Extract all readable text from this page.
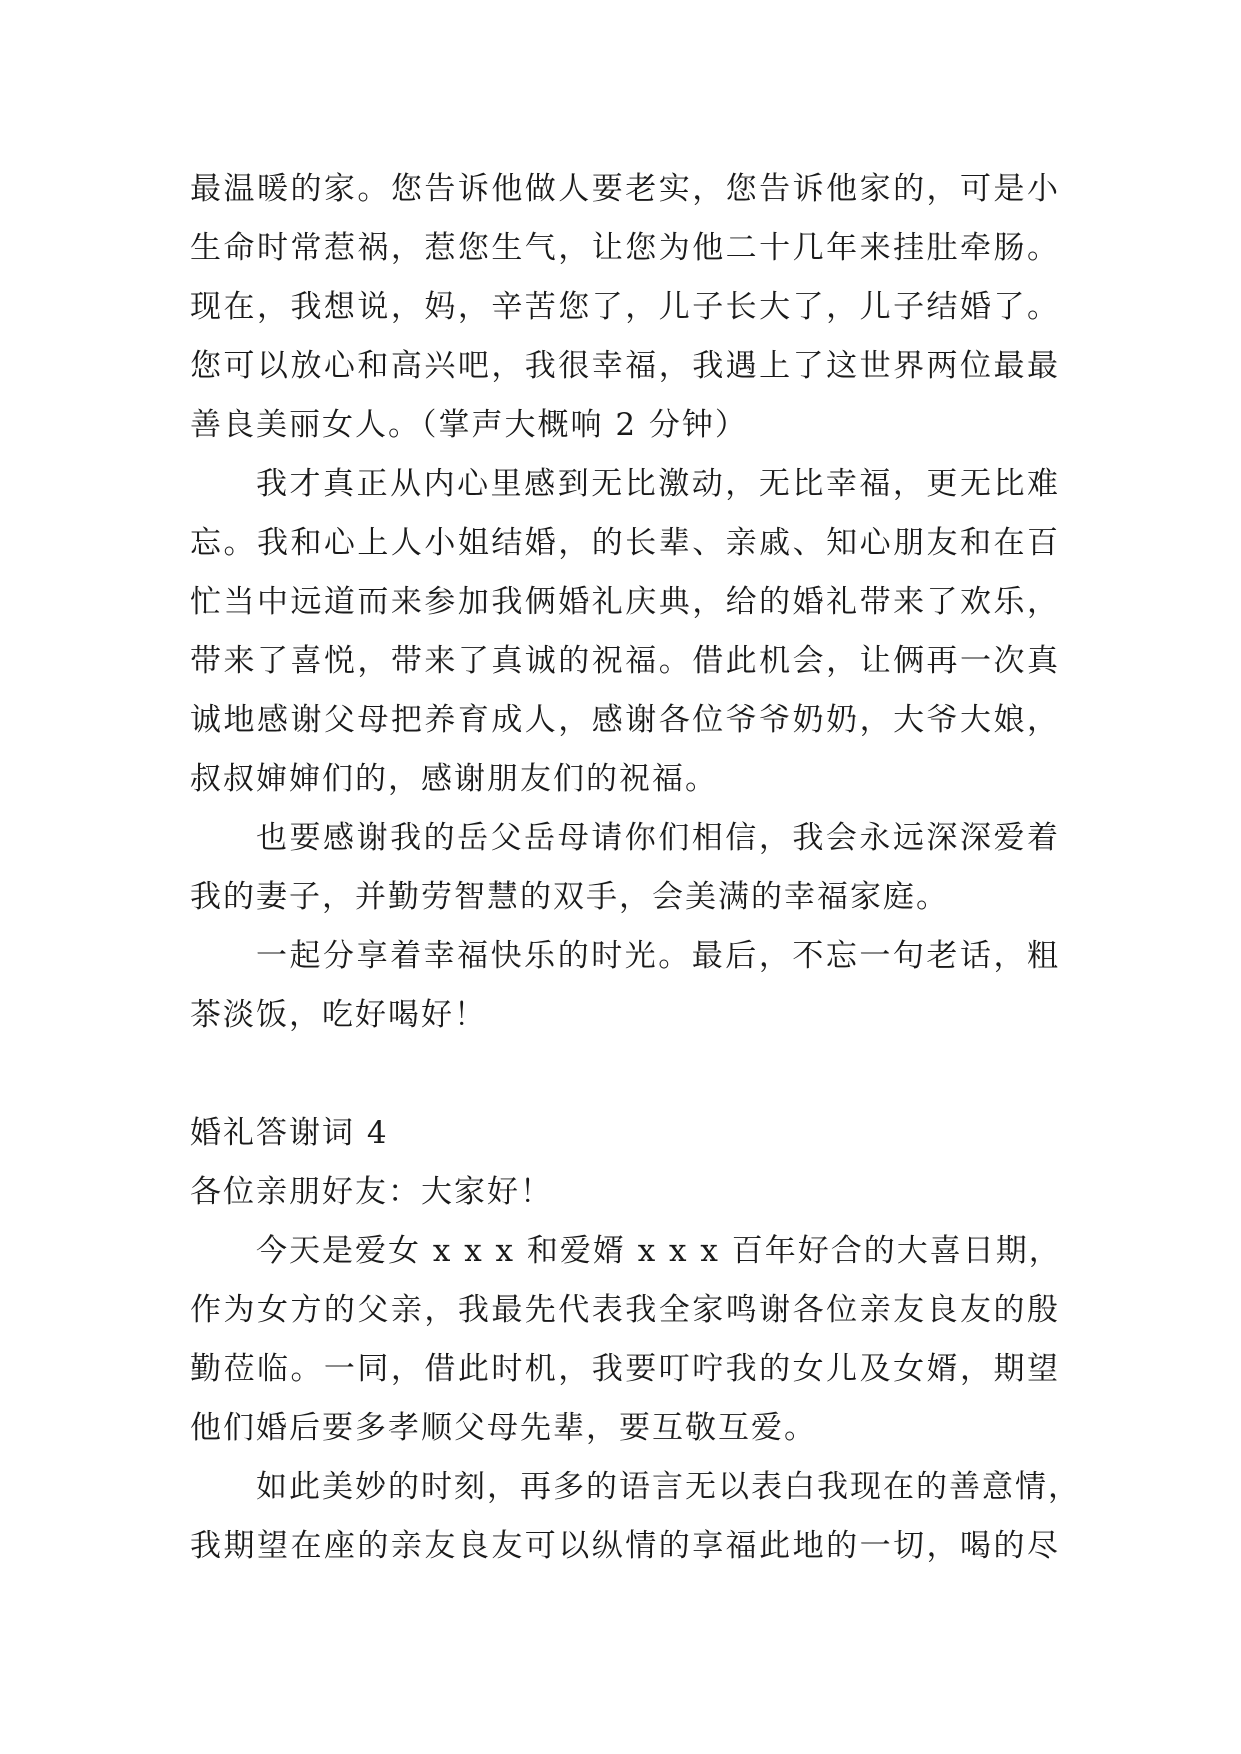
最温暖的家。您告诉他做人要老实，您告诉他家的，可是小
生命时常惹祸，惹您生气，让您为他二十几年来挂肚牵肠。
现在，我想说，妈，辛苦您了，儿子长大了，儿子结婚了。
您可以放心和高兴吧，我很幸福，我遇上了这世界两位最最
善良美丽女人。（掌声大概响 2 分钟）
我才真正从内心里感到无比激动，无比幸福，更无比难
忘。我和心上人小姐结婚，的长辈、亲戚、知心朋友和在百
忙当中远道而来参加我俩婚礼庆典，给的婚礼带来了欢乐，
带来了喜悦，带来了真诚的祝福。借此机会，让俩再一次真
诚地感谢父母把养育成人，感谢各位爷爷奶奶，大爷大娘，
叔叔婶婶们的，感谢朋友们的祝福。
也要感谢我的岳父岳母请你们相信，我会永远深深爱着
我的妻子，并勤劳智慧的双手，会美满的幸福家庭。
一起分享着幸福快乐的时光。最后，不忘一句老话，粗
茶淡饭，吃好喝好！
婚礼答谢词 4
各位亲朋好友：大家好！
今天是爱女 x x x 和爱婿 x x x 百年好合的大喜日期，
作为女方的父亲，我最先代表我全家鸣谢各位亲友良友的殷
勤莅临。一同，借此时机，我要叮咛我的女儿及女婿，期望
他们婚后要多孝顺父母先辈，要互敬互爱。
如此美妙的时刻，再多的语言无以表白我现在的善意情，
我期望在座的亲友良友可以纵情的享福此地的一切，喝的尽
